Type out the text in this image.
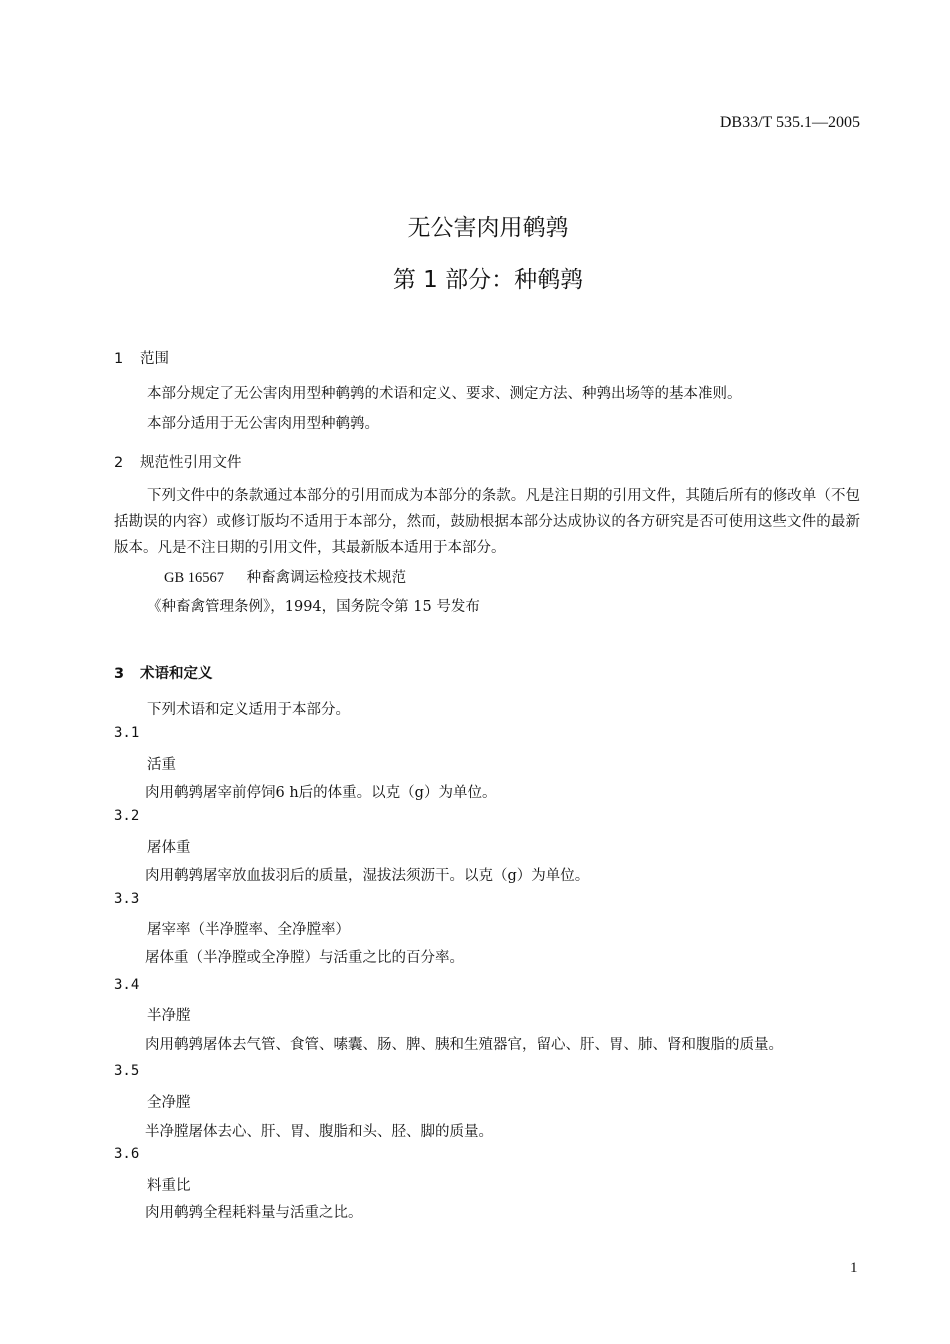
DB33/T 535.1—2005
无公害肉用鹌鹑
第 1 部分：种鹌鹑
1 范围
本部分规定了无公害肉用型种鹌鹑的术语和定义、要求、测定方法、种鹑出场等的基本准则。
本部分适用于无公害肉用型种鹌鹑。
2 规范性引用文件
下列文件中的条款通过本部分的引用而成为本部分的条款。凡是注日期的引用文件，其随后所有的修改单（不包括勘误的内容）或修订版均不适用于本部分，然而，鼓励根据本部分达成协议的各方研究是否可使用这些文件的最新版本。凡是不注日期的引用文件，其最新版本适用于本部分。
GB 16567 种畜禽调运检疫技术规范
《种畜禽管理条例》，1994，国务院令第 15 号发布
3 术语和定义
下列术语和定义适用于本部分。
3.1
活重
肉用鹌鹑屠宰前停饲6 h后的体重。以克（g）为单位。
3.2
屠体重
肉用鹌鹑屠宰放血拔羽后的质量，湿拔法须沥干。以克（g）为单位。
3.3
屠宰率（半净膛率、全净膛率）
屠体重（半净膛或全净膛）与活重之比的百分率。
3.4
半净膛
肉用鹌鹑屠体去气管、食管、嗉囊、肠、脾、胰和生殖器官，留心、肝、胃、肺、肾和腹脂的质量。
3.5
全净膛
半净膛屠体去心、肝、胃、腹脂和头、胫、脚的质量。
3.6
料重比
肉用鹌鹑全程耗料量与活重之比。
1
